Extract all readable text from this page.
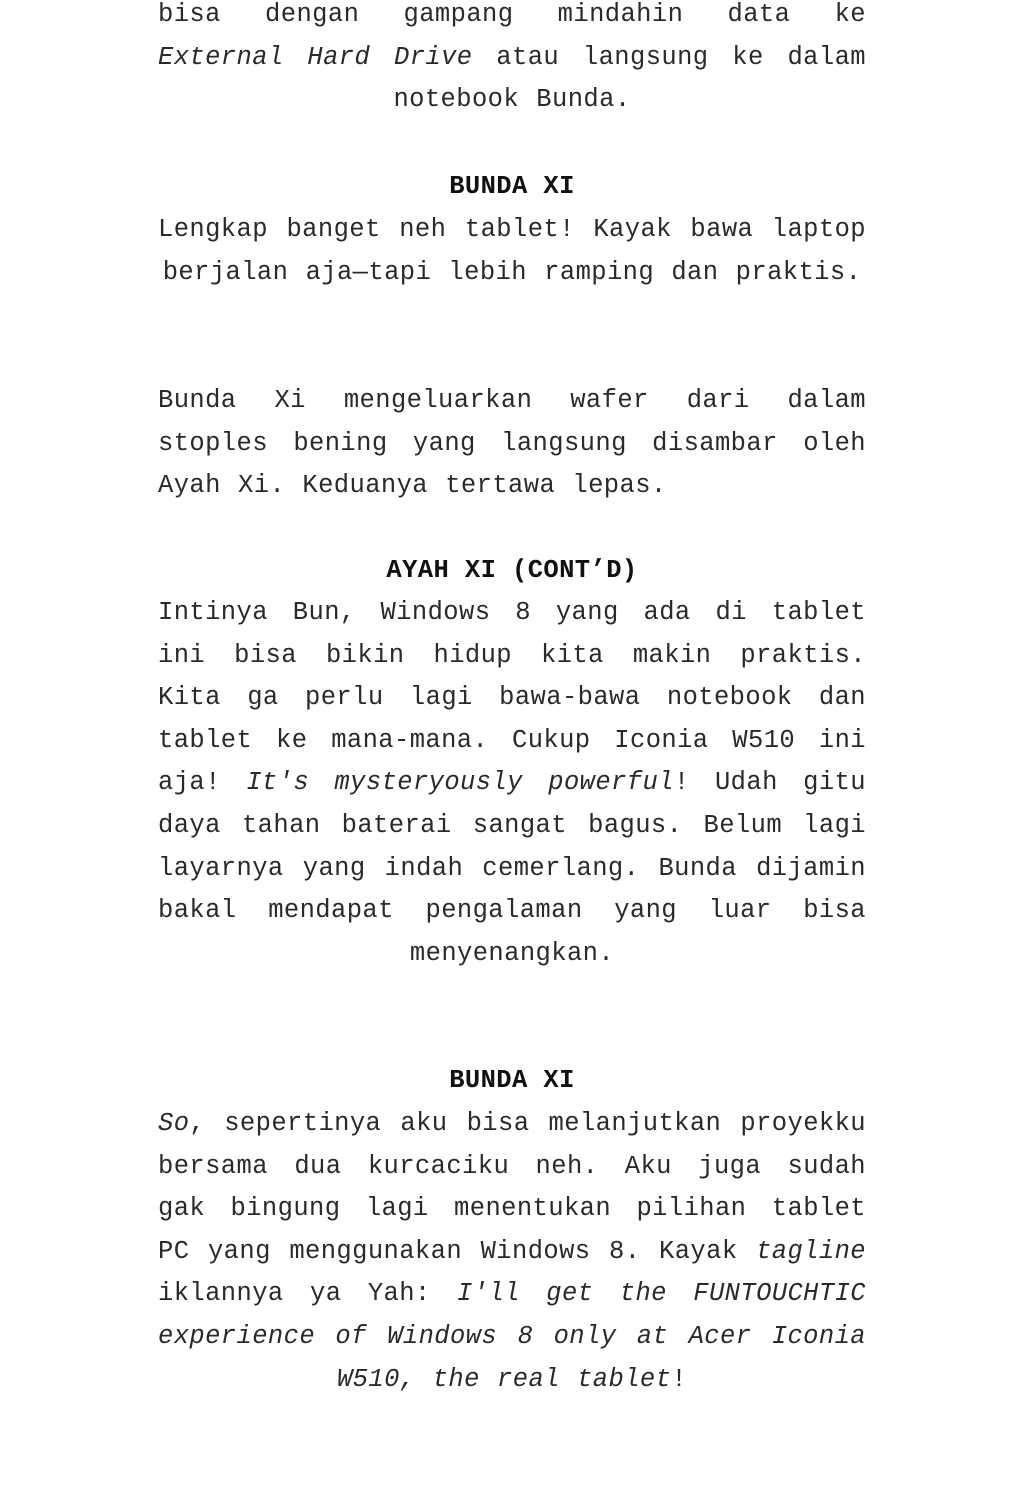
bisa dengan gampang mindahin data ke External Hard Drive atau langsung ke dalam notebook Bunda.

BUNDA XI

Lengkap banget neh tablet! Kayak bawa laptop berjalan aja—tapi lebih ramping dan praktis.

Bunda Xi mengeluarkan wafer dari dalam stoples bening yang langsung disambar oleh Ayah Xi. Keduanya tertawa lepas.

AYAH XI (CONT’D)

Intinya Bun, Windows 8 yang ada di tablet ini bisa bikin hidup kita makin praktis. Kita ga perlu lagi bawa-bawa notebook dan tablet ke mana-mana. Cukup Iconia W510 ini aja! It's mysteryously powerful! Udah gitu daya tahan baterai sangat bagus. Belum lagi layarnya yang indah cemerlang. Bunda dijamin bakal mendapat pengalaman yang luar bisa menyenangkan.

BUNDA XI

So, sepertinya aku bisa melanjutkan proyekku bersama dua kurcaciku neh. Aku juga sudah gak bingung lagi menentukan pilihan tablet PC yang menggunakan Windows 8. Kayak tagline iklannya ya Yah: I'll get the FUNTOUCHTIC experience of Windows 8 only at Acer Iconia W510, the real tablet!
